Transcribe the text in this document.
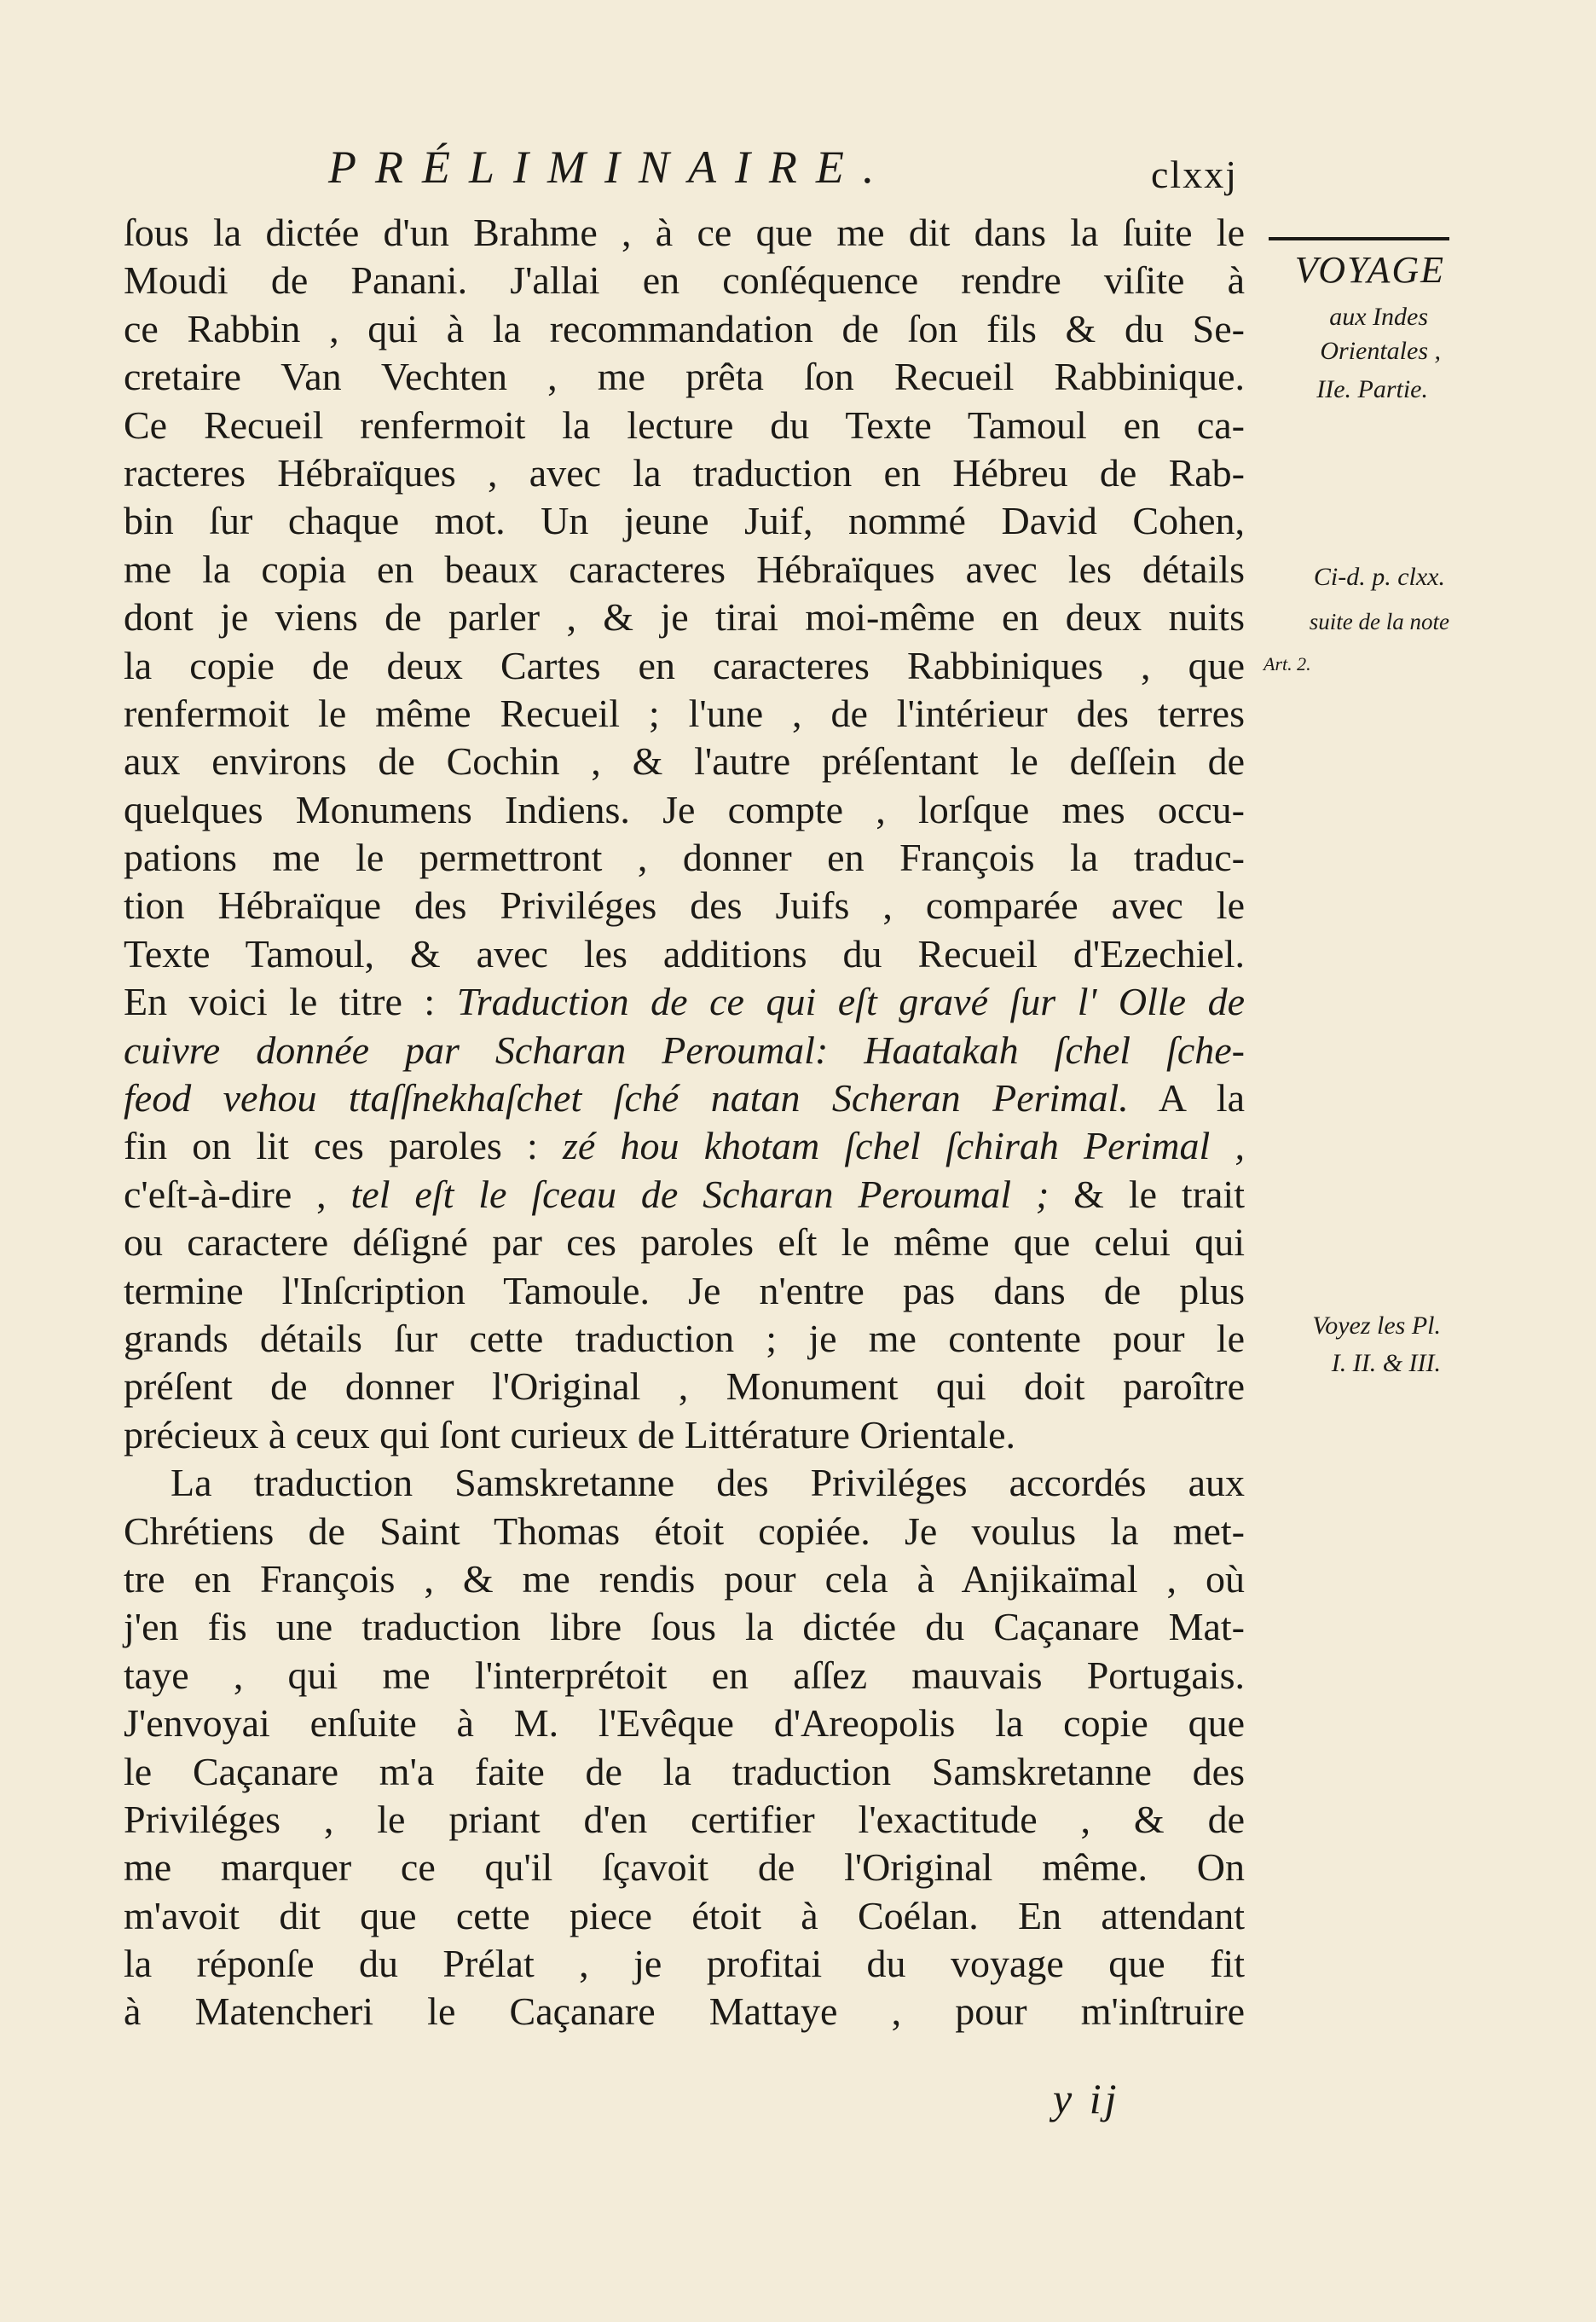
PRÉLIMINAIRE.	clxxj
VOYAGE
aux Indes
Orientales ,
IIe. Partie.
Ci-d. p. clxx.
suite de la note
Art. 2.
Voyez les Pl.
I. II. & III.
ſous la dictée d'un Brahme , à ce que me dit dans la ſuite le
Moudi de Panani. J'allai en conſéquence rendre viſite à
ce Rabbin , qui à la recommandation de ſon fils & du Se-
cretaire Van Vechten , me prêta ſon Recueil Rabbinique.
Ce Recueil renfermoit la lecture du Texte Tamoul en ca-
racteres Hébraïques , avec la traduction en Hébreu de Rab-
bin ſur chaque mot. Un jeune Juif, nommé David Cohen,
me la copia en beaux caracteres Hébraïques avec les détails
dont je viens de parler , & je tirai moi-même en deux nuits
la copie de deux Cartes en caracteres Rabbiniques , que
renfermoit le même Recueil ; l'une , de l'intérieur des terres
aux environs de Cochin , & l'autre préſentant le deſſein de
quelques Monumens Indiens. Je compte , lorſque mes occu-
pations me le permettront , donner en François la traduc-
tion Hébraïque des Priviléges des Juifs , comparée avec le
Texte Tamoul, & avec les additions du Recueil d'Ezechiel.
En voici le titre : Traduction de ce qui eſt gravé ſur l' Olle de
cuivre donnée par Scharan Peroumal: Haatakah ſchel ſche-
feod vehou ttaſſnekhaſchet ſché natan Scheran Perimal. A la
fin on lit ces paroles : zé hou khotam ſchel ſchirah Perimal ,
c'eſt-à-dire , tel eſt le ſceau de Scharan Peroumal ; & le trait
ou caractere déſigné par ces paroles eſt le même que celui qui
termine l'Inſcription Tamoule. Je n'entre pas dans de plus
grands détails ſur cette traduction ; je me contente pour le
préſent de donner l'Original , Monument qui doit paroître
précieux à ceux qui ſont curieux de Littérature Orientale.
La traduction Samskretanne des Priviléges accordés aux
Chrétiens de Saint Thomas étoit copiée. Je voulus la met-
tre en François , & me rendis pour cela à Anjikaïmal , où
j'en fis une traduction libre ſous la dictée du Caçanare Mat-
taye , qui me l'interprétoit en aſſez mauvais Portugais.
J'envoyai enſuite à M. l'Evêque d'Areopolis la copie que
le Caçanare m'a faite de la traduction Samskretanne des
Priviléges , le priant d'en certifier l'exactitude , & de
me marquer ce qu'il ſçavoit de l'Original même. On
m'avoit dit que cette piece étoit à Coélan. En attendant
la réponſe du Prélat , je profitai du voyage que fit
à Matencheri le Caçanare Mattaye , pour m'inſtruire
y ij
